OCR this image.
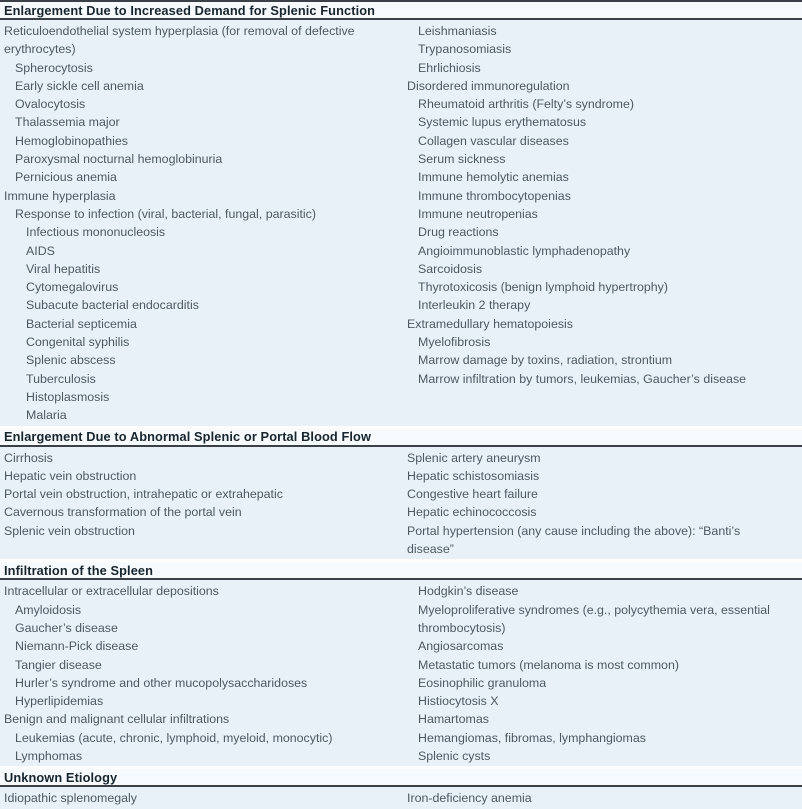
Enlargement Due to Increased Demand for Splenic Function
Reticuloendothelial system hyperplasia (for removal of defective erythrocytes)
Spherocytosis
Early sickle cell anemia
Ovalocytosis
Thalassemia major
Hemoglobinopathies
Paroxysmal nocturnal hemoglobinuria
Pernicious anemia
Immune hyperplasia
Response to infection (viral, bacterial, fungal, parasitic)
Infectious mononucleosis
AIDS
Viral hepatitis
Cytomegalovirus
Subacute bacterial endocarditis
Bacterial septicemia
Congenital syphilis
Splenic abscess
Tuberculosis
Histoplasmosis
Malaria
Leishmaniasis
Trypanosomiasis
Ehrlichiosis
Disordered immunoregulation
Rheumatoid arthritis (Felty’s syndrome)
Systemic lupus erythematosus
Collagen vascular diseases
Serum sickness
Immune hemolytic anemias
Immune thrombocytopenias
Immune neutropenias
Drug reactions
Angioimmunoblastic lymphadenopathy
Sarcoidosis
Thyrotoxicosis (benign lymphoid hypertrophy)
Interleukin 2 therapy
Extramedullary hematopoiesis
Myelofibrosis
Marrow damage by toxins, radiation, strontium
Marrow infiltration by tumors, leukemias, Gaucher’s disease
Enlargement Due to Abnormal Splenic or Portal Blood Flow
Cirrhosis
Hepatic vein obstruction
Portal vein obstruction, intrahepatic or extrahepatic
Cavernous transformation of the portal vein
Splenic vein obstruction
Splenic artery aneurysm
Hepatic schistosomiasis
Congestive heart failure
Hepatic echinococcosis
Portal hypertension (any cause including the above): “Banti’s disease”
Infiltration of the Spleen
Intracellular or extracellular depositions
Amyloidosis
Gaucher’s disease
Niemann-Pick disease
Tangier disease
Hurler’s syndrome and other mucopolysaccharidoses
Hyperlipidemias
Benign and malignant cellular infiltrations
Leukemias (acute, chronic, lymphoid, myeloid, monocytic)
Lymphomas
Hodgkin’s disease
Myeloproliferative syndromes (e.g., polycythemia vera, essential thrombocytosis)
Angiosarcomas
Metastatic tumors (melanoma is most common)
Eosinophilic granuloma
Histiocytosis X
Hamartomas
Hemangiomas, fibromas, lymphangiomas
Splenic cysts
Unknown Etiology
Idiopathic splenomegaly	Iron-deficiency anemia
